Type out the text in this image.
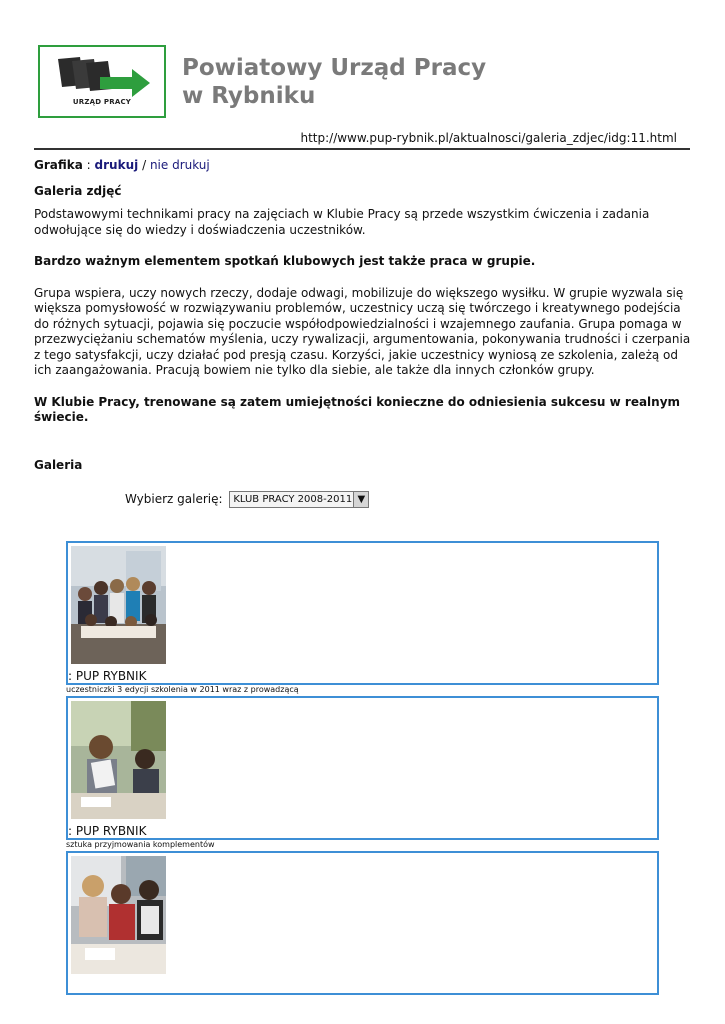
URZĄD PRACY
Powiatowy Urząd Pracy
w Rybniku
http://www.pup-rybnik.pl/aktualnosci/galeria_zdjec/idg:11.html
Grafika : drukuj / nie drukuj
Galeria zdjęć

Podstawowymi technikami pracy na zajęciach w Klubie Pracy są przede wszystkim ćwiczenia i zadania odwołujące się do wiedzy i doświadczenia uczestników.

Bardzo ważnym elementem spotkań klubowych jest także praca w grupie.

Grupa wspiera, uczy nowych rzeczy, dodaje odwagi, mobilizuje do większego wysiłku. W grupie wyzwala się większa pomysłowość w rozwiązywaniu problemów, uczestnicy uczą się twórczego i kreatywnego podejścia do różnych sytuacji, pojawia się poczucie współodpowiedzialności i wzajemnego zaufania. Grupa pomaga w przezwyciężaniu schematów myślenia, uczy rywalizacji, argumentowania, pokonywania trudności i czerpania z tego satysfakcji, uczy działać pod presją czasu. Korzyści, jakie uczestnicy wyniosą ze szkolenia, zależą od ich zaangażowania. Pracują bowiem nie tylko dla siebie, ale także dla innych członków grupy.

W Klubie Pracy, trenowane są zatem umiejętności konieczne do odniesienia sukcesu w realnym świecie.

Galeria
Wybierz galerię: KLUB PRACY 2008-2011 ▼
: PUP RYBNIK
uczestniczki 3 edycji szkolenia w 2011 wraz z prowadzącą
: PUP RYBNIK
sztuka przyjmowania komplementów
